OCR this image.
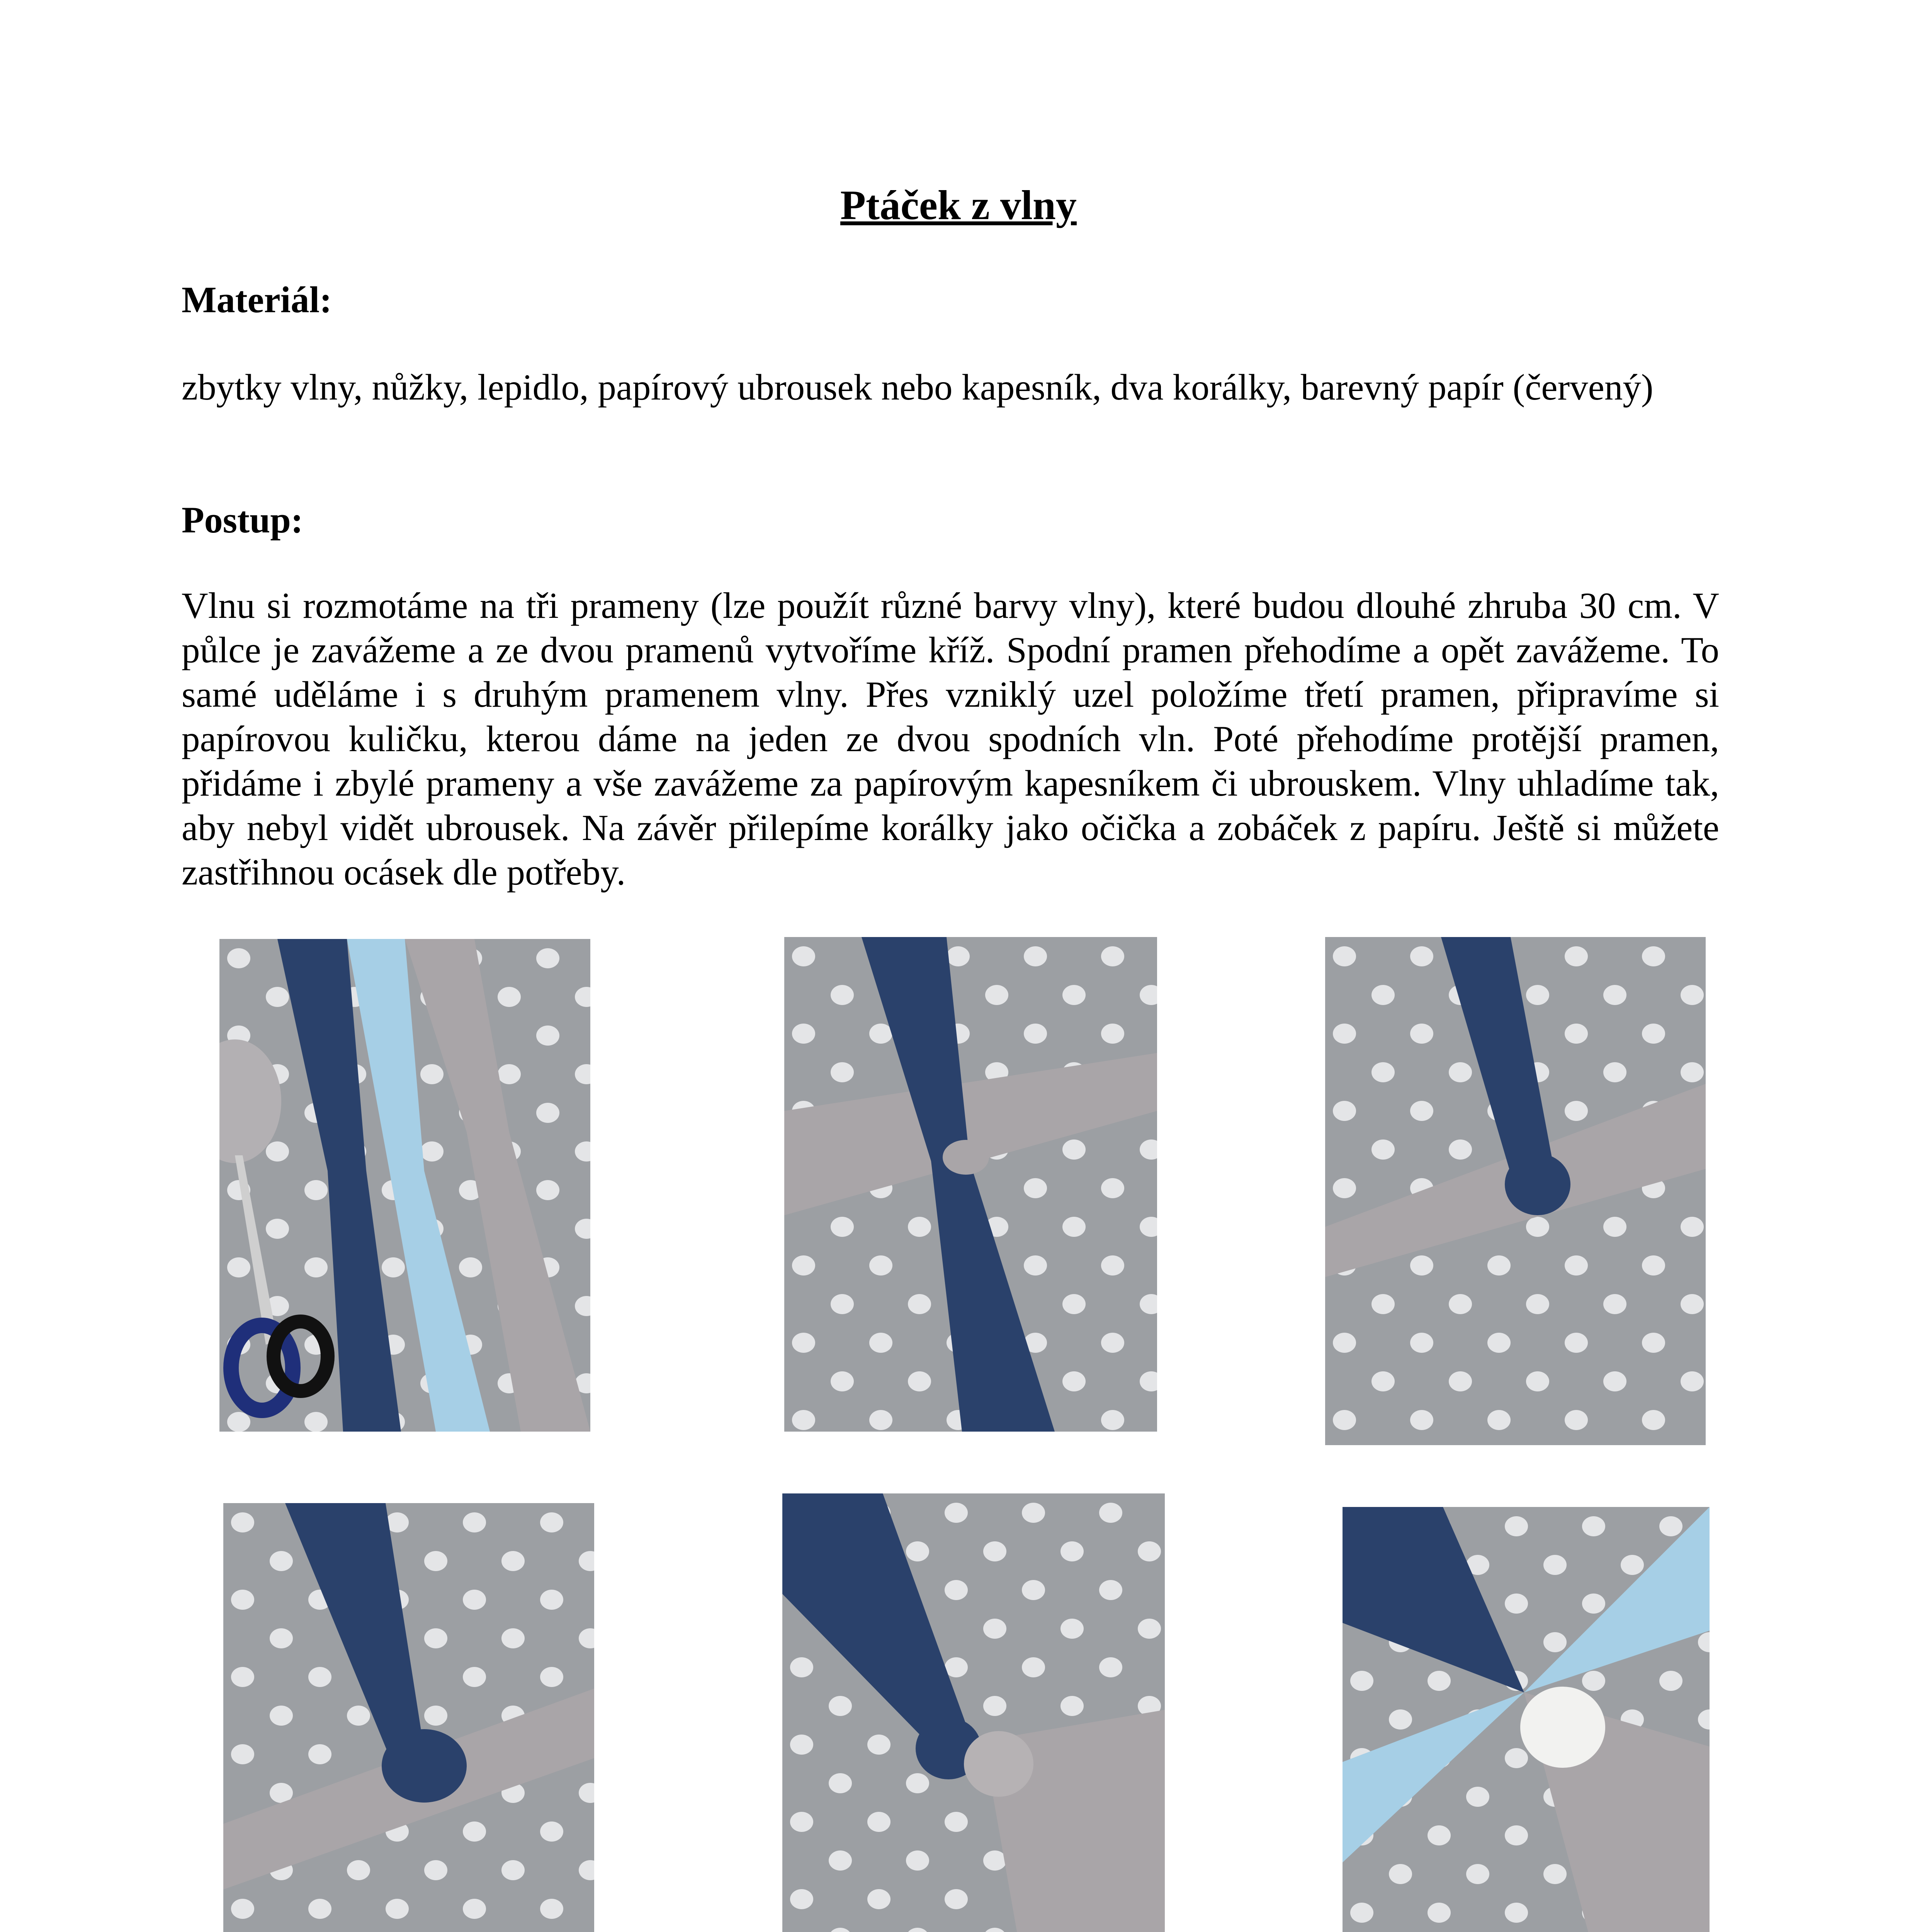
Ptáček z vlny
Materiál:

zbytky vlny, nůžky, lepidlo, papírový ubrousek nebo kapesník, dva korálky, barevný papír (červený)

Postup:

Vlnu si rozmotáme na tři prameny (lze použít různé barvy vlny), které budou dlouhé zhruba 30 cm. V půlce je zavážeme a ze dvou pramenů vytvoříme kříž. Spodní pramen přehodíme a opět zavážeme. To samé uděláme i s druhým pramenem vlny. Přes vzniklý uzel položíme třetí pramen, připravíme si papírovou kuličku, kterou dáme na jeden ze dvou spodních vln. Poté přehodíme protější pramen, přidáme i zbylé prameny a vše zavážeme za papírovým kapesníkem či ubrouskem. Vlny uhladíme tak, aby nebyl vidět ubrousek. Na závěr přilepíme korálky jako očička a zobáček z papíru. Ještě si můžete zastřihnou ocásek dle potřeby.
